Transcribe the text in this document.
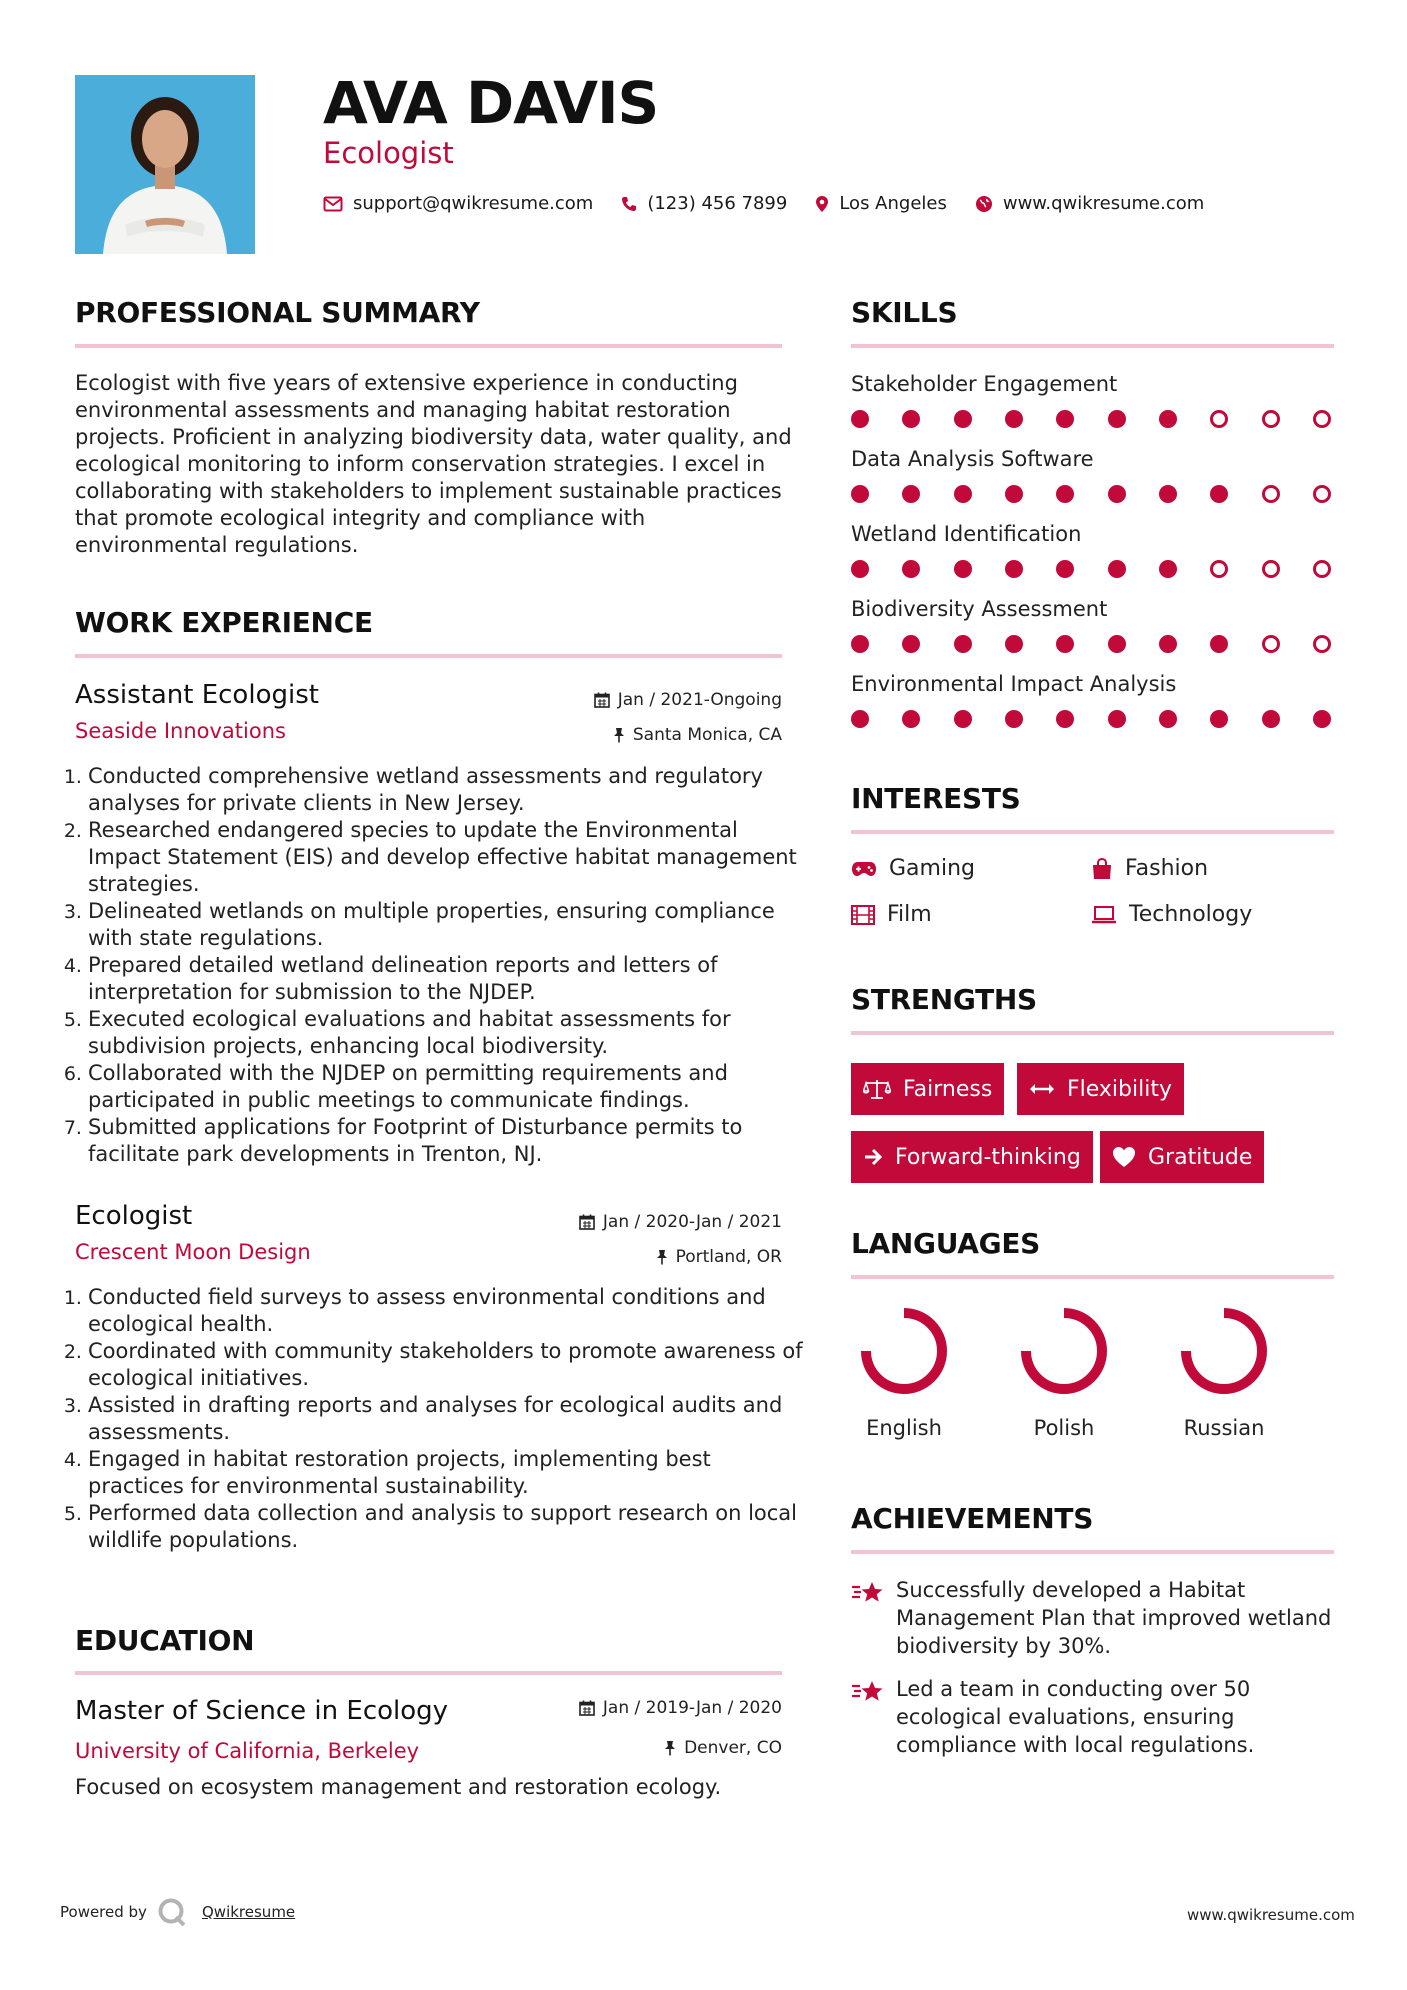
AVA DAVIS
Ecologist
support@qwikresume.com	(123) 456 7899	Los Angeles	www.qwikresume.com
PROFESSIONAL SUMMARY
Ecologist with five years of extensive experience in conducting environmental assessments and managing habitat restoration projects. Proficient in analyzing biodiversity data, water quality, and ecological monitoring to inform conservation strategies. I excel in collaborating with stakeholders to implement sustainable practices that promote ecological integrity and compliance with environmental regulations.
WORK EXPERIENCE
Assistant Ecologist	Jan / 2021-Ongoing
Seaside Innovations	Santa Monica, CA
1. Conducted comprehensive wetland assessments and regulatory analyses for private clients in New Jersey.
2. Researched endangered species to update the Environmental Impact Statement (EIS) and develop effective habitat management strategies.
3. Delineated wetlands on multiple properties, ensuring compliance with state regulations.
4. Prepared detailed wetland delineation reports and letters of interpretation for submission to the NJDEP.
5. Executed ecological evaluations and habitat assessments for subdivision projects, enhancing local biodiversity.
6. Collaborated with the NJDEP on permitting requirements and participated in public meetings to communicate findings.
7. Submitted applications for Footprint of Disturbance permits to facilitate park developments in Trenton, NJ.
Ecologist	Jan / 2020-Jan / 2021
Crescent Moon Design	Portland, OR
1. Conducted field surveys to assess environmental conditions and ecological health.
2. Coordinated with community stakeholders to promote awareness of ecological initiatives.
3. Assisted in drafting reports and analyses for ecological audits and assessments.
4. Engaged in habitat restoration projects, implementing best practices for environmental sustainability.
5. Performed data collection and analysis to support research on local wildlife populations.
EDUCATION
Master of Science in Ecology	Jan / 2019-Jan / 2020
University of California, Berkeley	Denver, CO
Focused on ecosystem management and restoration ecology.
SKILLS
Stakeholder Engagement
Data Analysis Software
Wetland Identification
Biodiversity Assessment
Environmental Impact Analysis
INTERESTS
Gaming	Fashion
Film	Technology
STRENGTHS
Fairness	Flexibility
Forward-thinking	Gratitude
LANGUAGES
English	Polish	Russian
ACHIEVEMENTS
Successfully developed a Habitat Management Plan that improved wetland biodiversity by 30%.
Led a team in conducting over 50 ecological evaluations, ensuring compliance with local regulations.
Powered by	Qwikresume	www.qwikresume.com
